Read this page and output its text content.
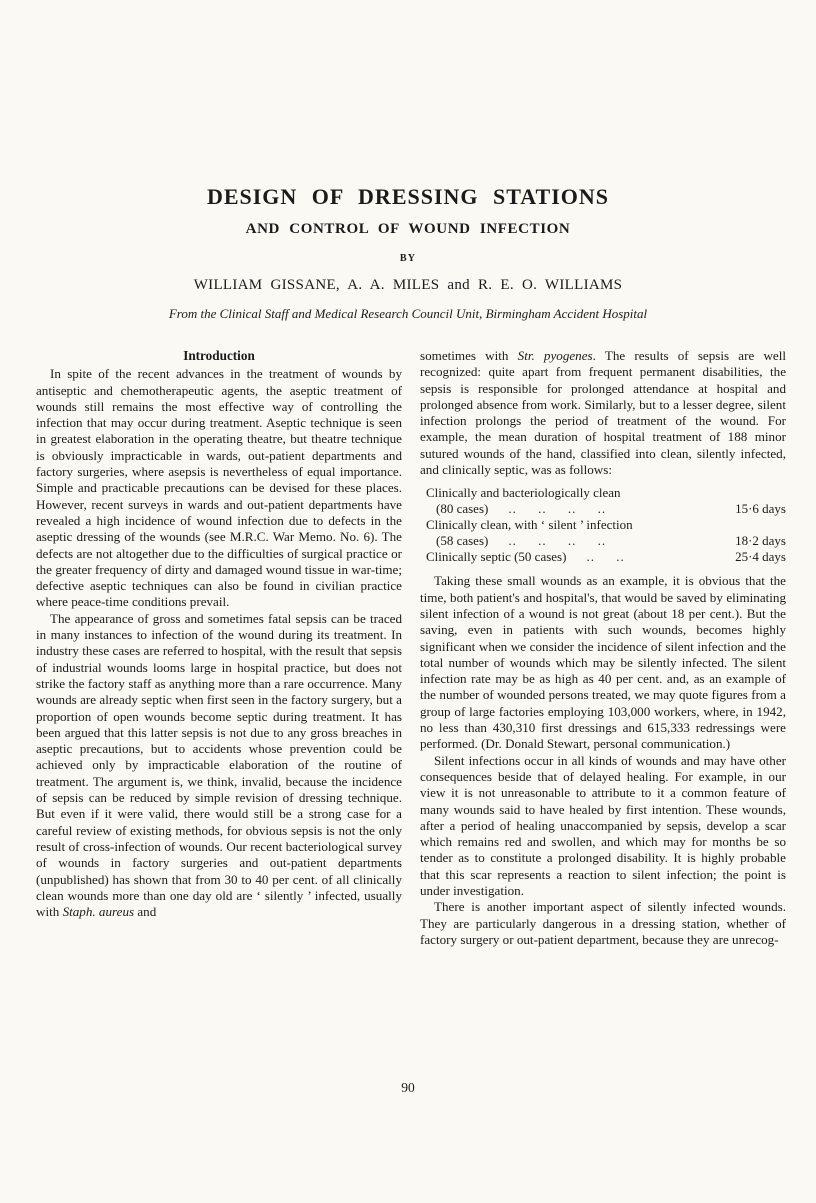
DESIGN OF DRESSING STATIONS
AND CONTROL OF WOUND INFECTION
BY
WILLIAM GISSANE, A. A. MILES and R. E. O. WILLIAMS
From the Clinical Staff and Medical Research Council Unit, Birmingham Accident Hospital
Introduction

In spite of the recent advances in the treatment of wounds by antiseptic and chemotherapeutic agents, the aseptic treatment of wounds still remains the most effective way of controlling the infection that may occur during treatment. Aseptic technique is seen in greatest elaboration in the operating theatre, but theatre technique is obviously impracticable in wards, out-patient departments and factory surgeries, where asepsis is nevertheless of equal importance. Simple and practicable precautions can be devised for these places. However, recent surveys in wards and out-patient departments have revealed a high incidence of wound infection due to defects in the aseptic dressing of the wounds (see M.R.C. War Memo. No. 6). The defects are not altogether due to the difficulties of surgical practice or the greater frequency of dirty and damaged wound tissue in war-time; defective aseptic techniques can also be found in civilian practice where peace-time conditions prevail.

The appearance of gross and sometimes fatal sepsis can be traced in many instances to infection of the wound during its treatment. In industry these cases are referred to hospital, with the result that sepsis of industrial wounds looms large in hospital practice, but does not strike the factory staff as anything more than a rare occurrence. Many wounds are already septic when first seen in the factory surgery, but a proportion of open wounds become septic during treatment. It has been argued that this latter sepsis is not due to any gross breaches in aseptic precautions, but to accidents whose prevention could be achieved only by impracticable elaboration of the routine of treatment. The argument is, we think, invalid, because the incidence of sepsis can be reduced by simple revision of dressing technique. But even if it were valid, there would still be a strong case for a careful review of existing methods, for obvious sepsis is not the only result of cross-infection of wounds. Our recent bacteriological survey of wounds in factory surgeries and out-patient departments (unpublished) has shown that from 30 to 40 per cent. of all clinically clean wounds more than one day old are ‘ silently ’ infected, usually with Staph. aureus and

sometimes with Str. pyogenes. The results of sepsis are well recognized: quite apart from frequent permanent disabilities, the sepsis is responsible for prolonged attendance at hospital and prolonged absence from work. Similarly, but to a lesser degree, silent infection prolongs the period of treatment of the wound. For example, the mean duration of hospital treatment of 188 minor sutured wounds of the hand, classified into clean, silently infected, and clinically septic, was as follows:

Clinically and bacteriologically clean
(80 cases)	.. .. .. ..	15·6 days
Clinically clean, with ‘ silent ’ infection
(58 cases)	.. .. .. ..	18·2 days
Clinically septic (50 cases)	.. ..	25·4 days

Taking these small wounds as an example, it is obvious that the time, both patient's and hospital's, that would be saved by eliminating silent infection of a wound is not great (about 18 per cent.). But the saving, even in patients with such wounds, becomes highly significant when we consider the incidence of silent infection and the total number of wounds which may be silently infected. The silent infection rate may be as high as 40 per cent. and, as an example of the number of wounded persons treated, we may quote figures from a group of large factories employing 103,000 workers, where, in 1942, no less than 430,310 first dressings and 615,333 redressings were performed. (Dr. Donald Stewart, personal communication.)

Silent infections occur in all kinds of wounds and may have other consequences beside that of delayed healing. For example, in our view it is not unreasonable to attribute to it a common feature of many wounds said to have healed by first intention. These wounds, after a period of healing unaccompanied by sepsis, develop a scar which remains red and swollen, and which may for months be so tender as to constitute a prolonged disability. It is highly probable that this scar represents a reaction to silent infection; the point is under investigation.

There is another important aspect of silently infected wounds. They are particularly dangerous in a dressing station, whether of factory surgery or out-patient department, because they are unrecog-

90
